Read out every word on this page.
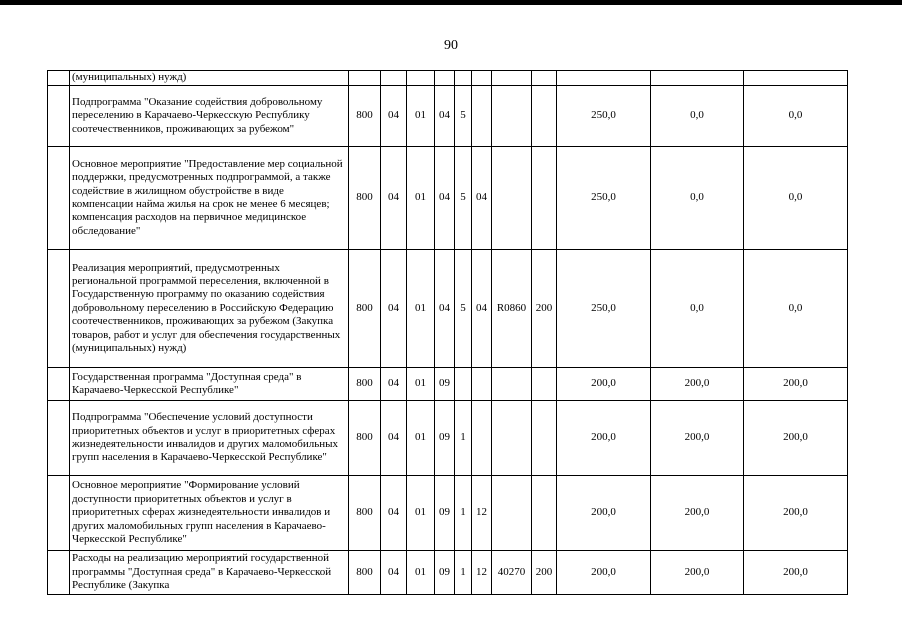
90
	(муниципальных) нужд)											
	Подпрограмма "Оказание содействия добровольному переселению в Карачаево-Черкесскую Республику соотечественников, проживающих за рубежом"	800	04	01	04	5				250,0	0,0	0,0
	Основное мероприятие "Предоставление мер социальной поддержки, предусмотренных подпрограммой, а также содействие в жилищном обустройстве в виде компенсации найма жилья на срок не менее 6 месяцев; компенсация расходов на первичное медицинское обследование"	800	04	01	04	5	04			250,0	0,0	0,0
	Реализация мероприятий, предусмотренных региональной программой переселения, включенной в Государственную программу по оказанию содействия добровольному переселению в Российскую Федерацию соотечественников, проживающих за рубежом (Закупка товаров, работ и услуг для обеспечения государственных (муниципальных) нужд)	800	04	01	04	5	04	R0860	200	250,0	0,0	0,0
	Государственная программа "Доступная среда" в Карачаево-Черкесской Республике"	800	04	01	09					200,0	200,0	200,0
	Подпрограмма "Обеспечение условий доступности приоритетных объектов и услуг в приоритетных сферах жизнедеятельности инвалидов и других маломобильных групп населения в Карачаево-Черкесской Республике"	800	04	01	09	1				200,0	200,0	200,0
	Основное мероприятие "Формирование условий доступности приоритетных объектов и услуг в приоритетных сферах жизнедеятельности инвалидов и других маломобильных групп населения в Карачаево-Черкесской Республике"	800	04	01	09	1	12			200,0	200,0	200,0
	Расходы на реализацию мероприятий государственной программы "Доступная среда" в Карачаево-Черкесской Республике (Закупка	800	04	01	09	1	12	40270	200	200,0	200,0	200,0
